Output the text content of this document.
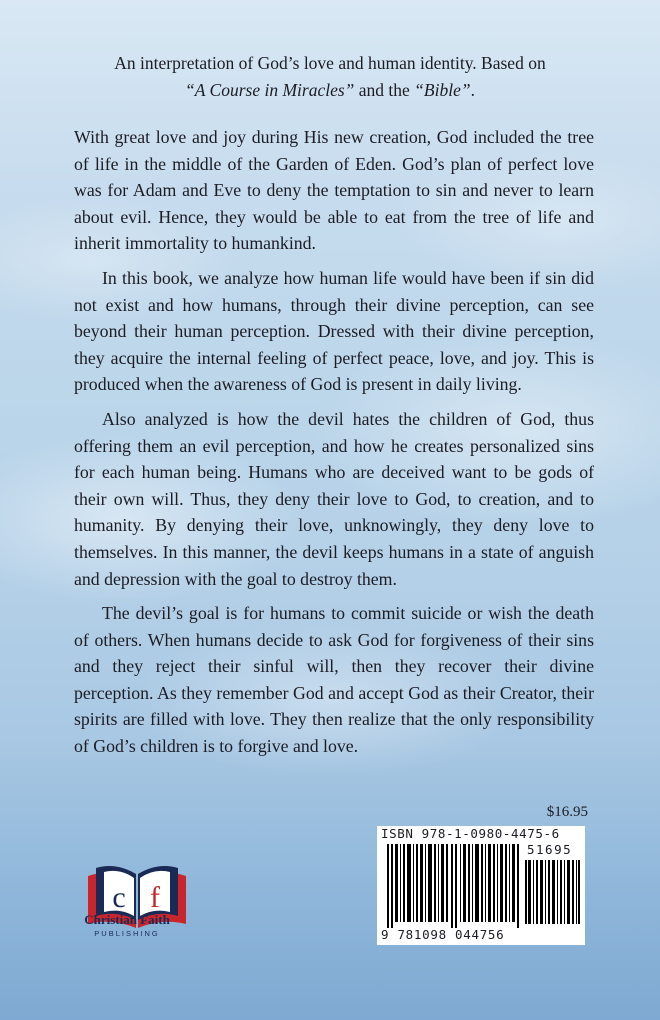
An interpretation of God’s love and human identity. Based on
“A Course in Miracles” and the “Bible”.

With great love and joy during His new creation, God included the tree of life in the middle of the Garden of Eden. God’s plan of perfect love was for Adam and Eve to deny the temptation to sin and never to learn about evil. Hence, they would be able to eat from the tree of life and inherit immortality to humankind.

In this book, we analyze how human life would have been if sin did not exist and how humans, through their divine perception, can see beyond their human perception. Dressed with their divine perception, they acquire the internal feeling of perfect peace, love, and joy. This is produced when the awareness of God is present in daily living.

Also analyzed is how the devil hates the children of God, thus offering them an evil perception, and how he creates personalized sins for each human being. Humans who are deceived want to be gods of their own will. Thus, they deny their love to God, to creation, and to humanity. By denying their love, unknowingly, they deny love to themselves. In this manner, the devil keeps humans in a state of anguish and depression with the goal to destroy them.

The devil’s goal is for humans to commit suicide or wish the death of others. When humans decide to ask God for forgiveness of their sins and they reject their sinful will, then they recover their divine perception. As they remember God and accept God as their Creator, their spirits are filled with love. They then realize that the only responsibility of God’s children is to forgive and love.

$16.95
ISBN 978-1-0980-4475-6
51695
9 781098 044756
c f
Christian Faith
PUBLISHING
